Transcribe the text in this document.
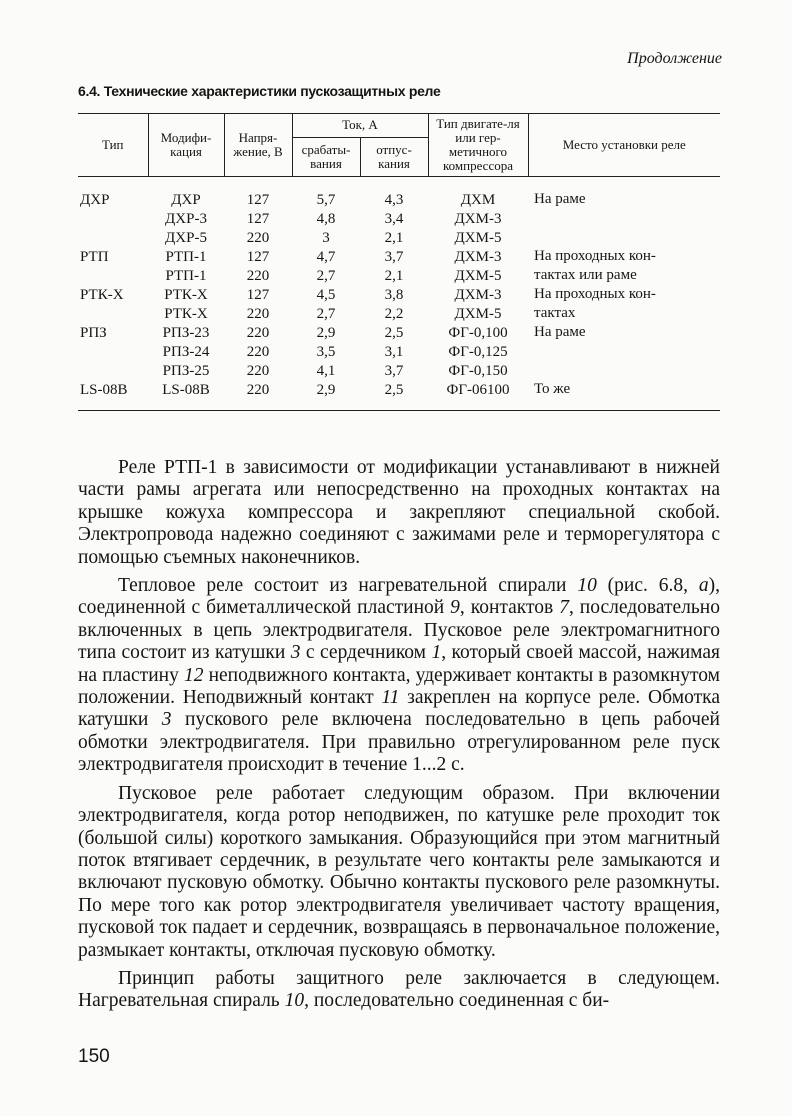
Продолжение
6.4. Технические характеристики пускозащитных реле
Тип	Модифи-кация	Напря-жение, В	Ток, А		Тип двигате-ля или гер-метичного компрессора	Место установки реле
			срабаты-вания	отпус-кания		
ДХР	ДХР	127	5,7	4,3	ДХМ	На раме
	ДХР-3	127	4,8	3,4	ДХМ-3	
	ДХР-5	220	3	2,1	ДХМ-5	
РТП	РТП-1	127	4,7	3,7	ДХМ-3	На проходных кон-
	РТП-1	220	2,7	2,1	ДХМ-5	тактах или раме
РТК-Х	РТК-Х	127	4,5	3,8	ДХМ-3	На проходных кон-
	РТК-Х	220	2,7	2,2	ДХМ-5	тактах
РПЗ	РПЗ-23	220	2,9	2,5	ФГ-0,100	На раме
	РПЗ-24	220	3,5	3,1	ФГ-0,125	
	РПЗ-25	220	4,1	3,7	ФГ-0,150	
LS-08B	LS-08B	220	2,9	2,5	ФГ-06100	То же

Реле РТП-1 в зависимости от модификации устанавливают в нижней части рамы агрегата или непосредственно на проходных контактах на крышке кожуха компрессора и закрепляют специальной скобой. Электропровода надежно соединяют с зажимами реле и терморегулятора с помощью съемных наконечников.

Тепловое реле состоит из нагревательной спирали 10 (рис. 6.8, а), соединенной с биметаллической пластиной 9, контактов 7, последовательно включенных в цепь электродвигателя. Пусковое реле электромагнитного типа состоит из катушки 3 с сердечником 1, который своей массой, нажимая на пластину 12 неподвижного контакта, удерживает контакты в разомкнутом положении. Неподвижный контакт 11 закреплен на корпусе реле. Обмотка катушки 3 пускового реле включена последовательно в цепь рабочей обмотки электродвигателя. При правильно отрегулированном реле пуск электродвигателя происходит в течение 1...2 с.

Пусковое реле работает следующим образом. При включении электродвигателя, когда ротор неподвижен, по катушке реле проходит ток (большой силы) короткого замыкания. Образующийся при этом магнитный поток втягивает сердечник, в результате чего контакты реле замыкаются и включают пусковую обмотку. Обычно контакты пускового реле разомкнуты. По мере того как ротор электродвигателя увеличивает частоту вращения, пусковой ток падает и сердечник, возвращаясь в первоначальное положение, размыкает контакты, отключая пусковую обмотку.

Принцип работы защитного реле заключается в следующем. Нагревательная спираль 10, последовательно соединенная с би-

150
